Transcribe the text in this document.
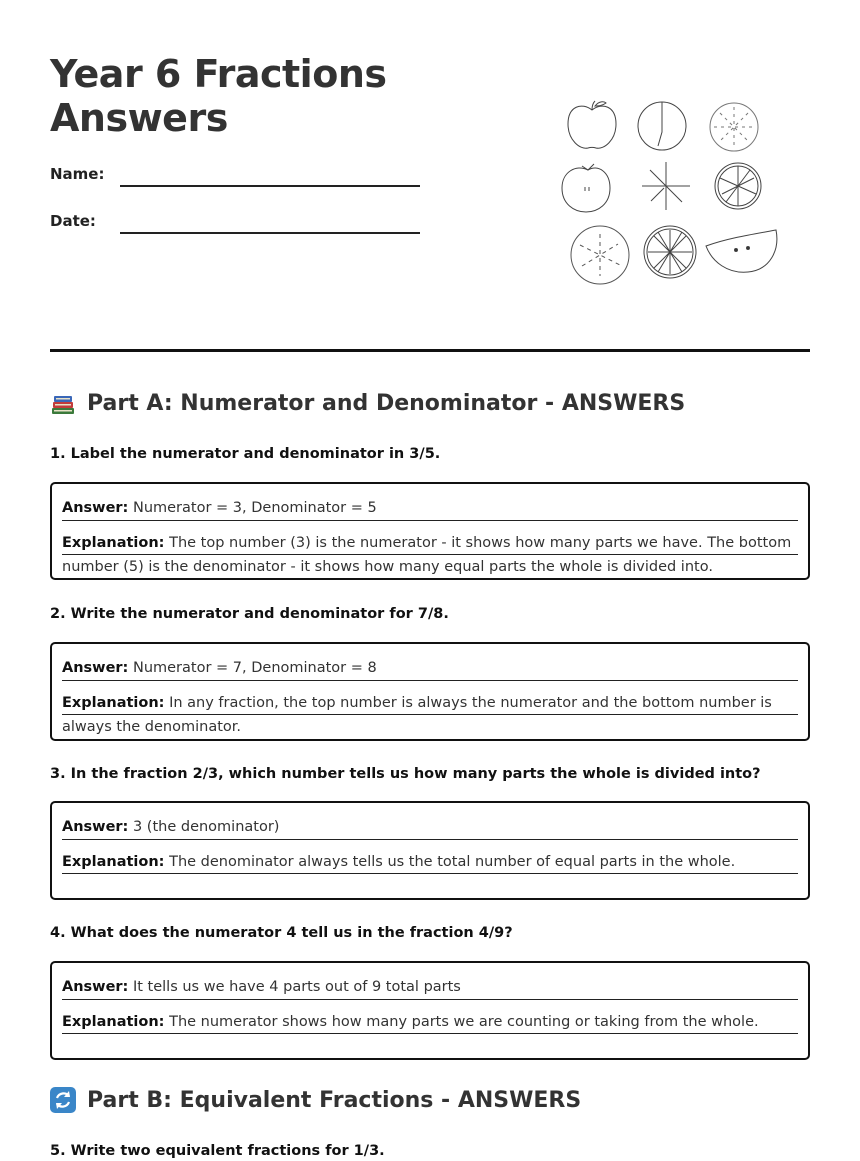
Year 6 Fractions
Answers
Name:
Date:
Part A: Numerator and Denominator - ANSWERS
1. Label the numerator and denominator in 3/5.
Answer: Numerator = 3, Denominator = 5
Explanation: The top number (3) is the numerator - it shows how many parts we have. The bottom number (5) is the denominator - it shows how many equal parts the whole is divided into.
2. Write the numerator and denominator for 7/8.
Answer: Numerator = 7, Denominator = 8
Explanation: In any fraction, the top number is always the numerator and the bottom number is always the denominator.
3. In the fraction 2/3, which number tells us how many parts the whole is divided into?
Answer: 3 (the denominator)
Explanation: The denominator always tells us the total number of equal parts in the whole.
4. What does the numerator 4 tell us in the fraction 4/9?
Answer: It tells us we have 4 parts out of 9 total parts
Explanation: The numerator shows how many parts we are counting or taking from the whole.
Part B: Equivalent Fractions - ANSWERS
5. Write two equivalent fractions for 1/3.
